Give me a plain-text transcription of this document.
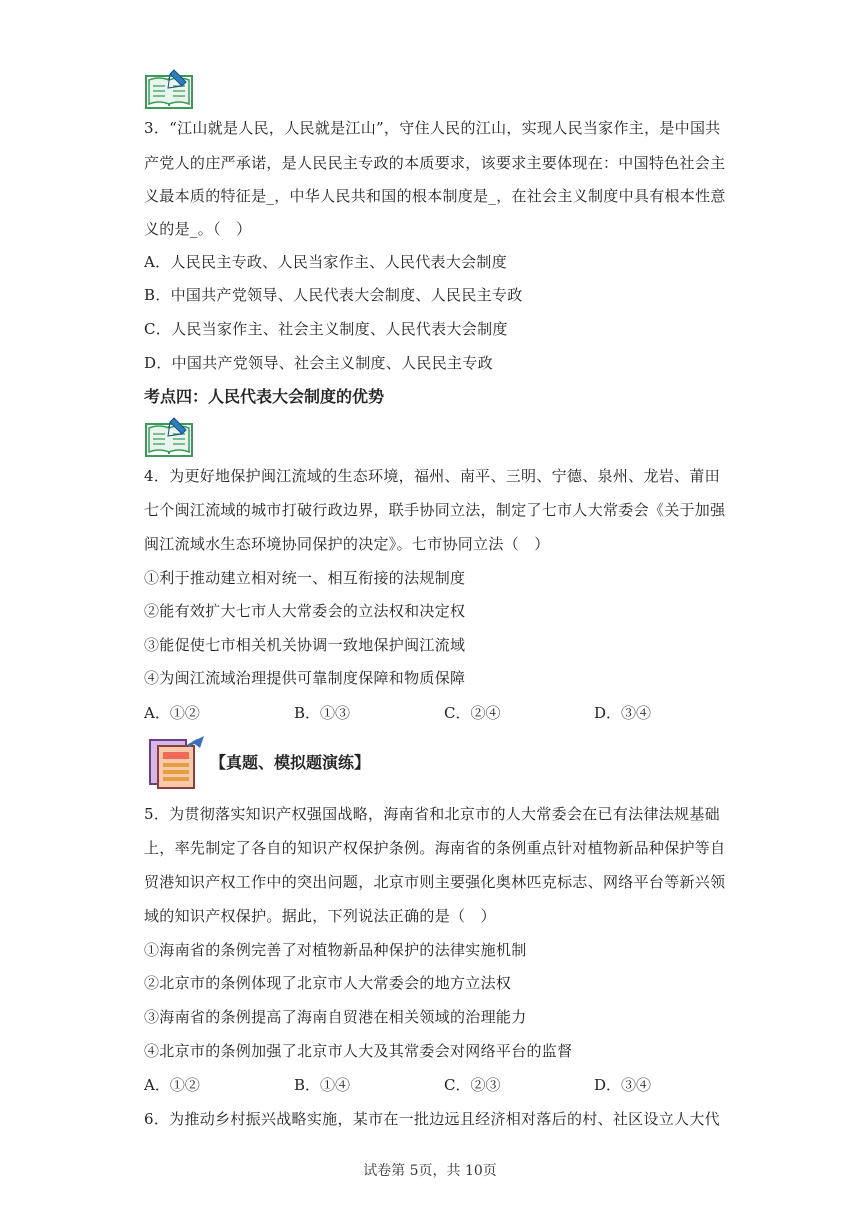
3．“江山就是人民，人民就是江山”，守住人民的江山，实现人民当家作主，是中国共
产党人的庄严承诺，是人民民主专政的本质要求，该要求主要体现在：中国特色社会主
义最本质的特征是_，中华人民共和国的根本制度是_，在社会主义制度中具有根本性意
义的是_。（　）
A．人民民主专政、人民当家作主、人民代表大会制度
B．中国共产党领导、人民代表大会制度、人民民主专政
C．人民当家作主、社会主义制度、人民代表大会制度
D．中国共产党领导、社会主义制度、人民民主专政
考点四：人民代表大会制度的优势
4．为更好地保护闽江流域的生态环境，福州、南平、三明、宁德、泉州、龙岩、莆田
七个闽江流域的城市打破行政边界，联手协同立法，制定了七市人大常委会《关于加强
闽江流域水生态环境协同保护的决定》。七市协同立法（　）
①利于推动建立相对统一、相互衔接的法规制度
②能有效扩大七市人大常委会的立法权和决定权
③能促使七市相关机关协调一致地保护闽江流域
④为闽江流域治理提供可靠制度保障和物质保障
A．①②	B．①③	C．②④	D．③④
【真题、模拟题演练】
5．为贯彻落实知识产权强国战略，海南省和北京市的人大常委会在已有法律法规基础
上，率先制定了各自的知识产权保护条例。海南省的条例重点针对植物新品种保护等自
贸港知识产权工作中的突出问题，北京市则主要强化奥林匹克标志、网络平台等新兴领
域的知识产权保护。据此，下列说法正确的是（　）
①海南省的条例完善了对植物新品种保护的法律实施机制
②北京市的条例体现了北京市人大常委会的地方立法权
③海南省的条例提高了海南自贸港在相关领域的治理能力
④北京市的条例加强了北京市人大及其常委会对网络平台的监督
A．①②	B．①④	C．②③	D．③④
6．为推动乡村振兴战略实施，某市在一批边远且经济相对落后的村、社区设立人大代
试卷第 5页，共 10页
